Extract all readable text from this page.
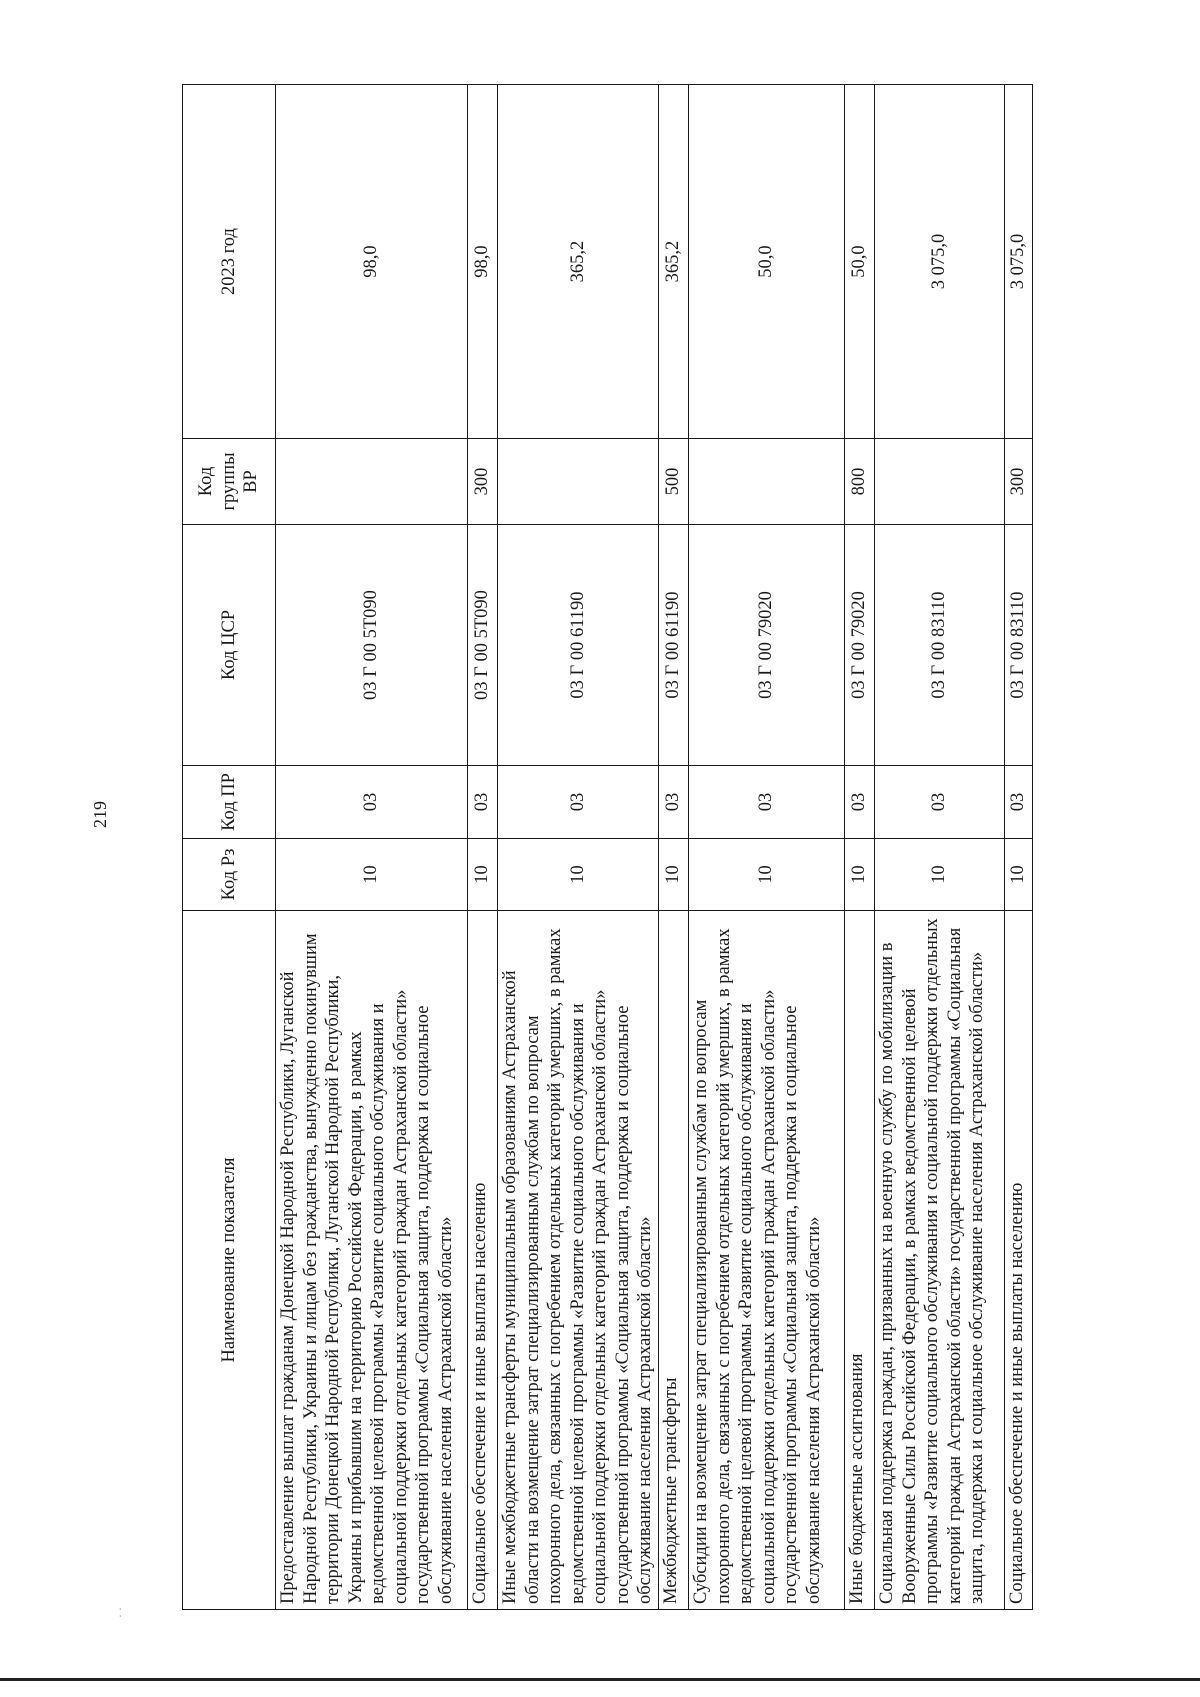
219
· ·
Наименование показателя	Код Рз	Код ПР	Код ЦСР	Код группы ВР	2023 год
Предоставление выплат гражданам Донецкой Народной Республики, Луганской Народной Республики, Украины и лицам без гражданства, вынужденно покинувшим территории Донецкой Народной Республики, Луганской Народной Республики, Украины и прибывшим на территорию Российской Федерации, в рамках ведомственной целевой программы «Развитие социального обслуживания и социальной поддержки отдельных категорий граждан Астраханской области» государственной программы «Социальная защита, поддержка и социальное обслуживание населения Астраханской области»	10	03	03 Г 00 5Т090		98,0
Социальное обеспечение и иные выплаты населению	10	03	03 Г 00 5Т090	300	98,0
Иные межбюджетные трансферты муниципальным образованиям Астраханской области на возмещение затрат специализированным службам по вопросам похоронного дела, связанных с погребением отдельных категорий умерших, в рамках ведомственной целевой программы «Развитие социального обслуживания и социальной поддержки отдельных категорий граждан Астраханской области» государственной программы «Социальная защита, поддержка и социальное обслуживание населения Астраханской области»	10	03	03 Г 00 61190		365,2
Межбюджетные трансферты	10	03	03 Г 00 61190	500	365,2
Субсидии на возмещение затрат специализированным службам по вопросам похоронного дела, связанных с погребением отдельных категорий умерших, в рамках ведомственной целевой программы «Развитие социального обслуживания и социальной поддержки отдельных категорий граждан Астраханской области» государственной программы «Социальная защита, поддержка и социальное обслуживание населения Астраханской области»	10	03	03 Г 00 79020		50,0
Иные бюджетные ассигнования	10	03	03 Г 00 79020	800	50,0
Социальная поддержка граждан, призванных на военную службу по мобилизации в Вооруженные Силы Российской Федерации, в рамках ведомственной целевой программы «Развитие социального обслуживания и социальной поддержки отдельных категорий граждан Астраханской области» государственной программы «Социальная защита, поддержка и социальное обслуживание населения Астраханской области»	10	03	03 Г 00 83110		3 075,0
Социальное обеспечение и иные выплаты населению	10	03	03 Г 00 83110	300	3 075,0
